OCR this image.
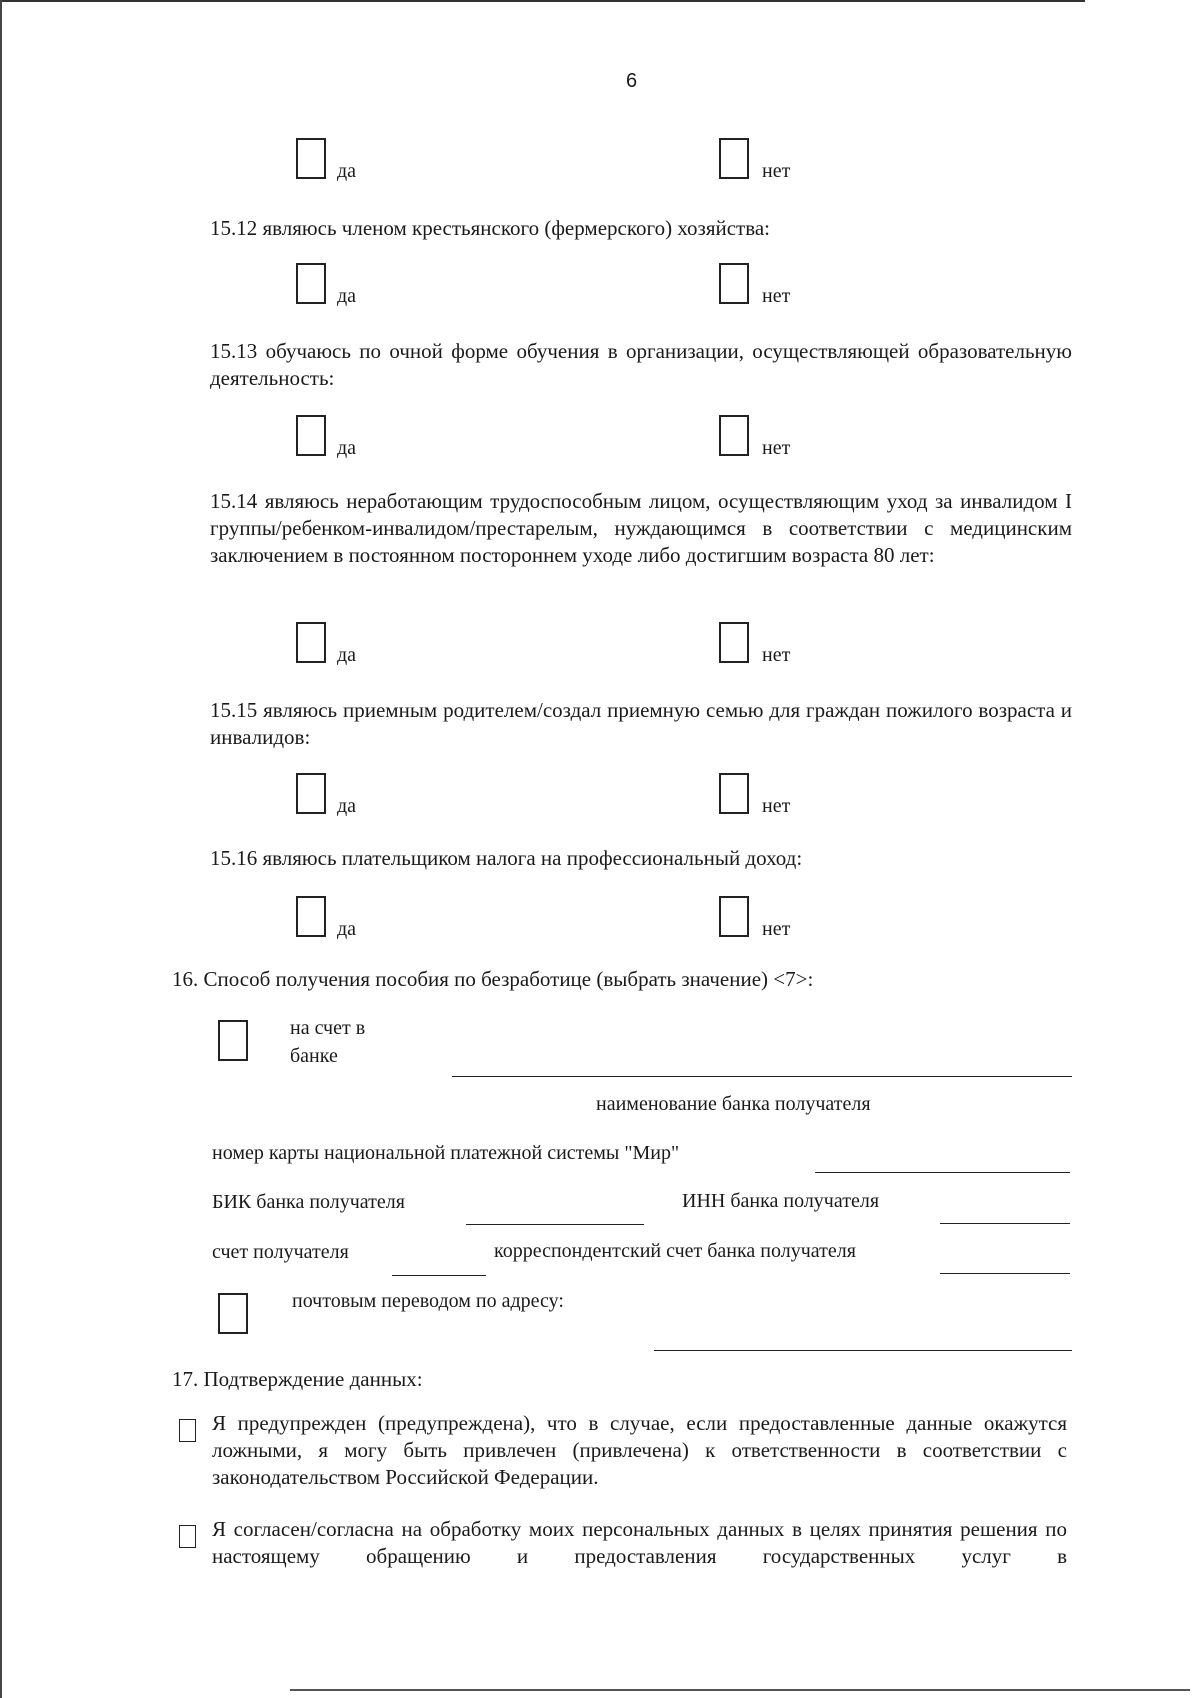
6
да	нет
15.12 являюсь членом крестьянского (фермерского) хозяйства:
да	нет
15.13 обучаюсь по очной форме обучения в организации, осуществляющей образовательную деятельность:
да	нет
15.14 являюсь неработающим трудоспособным лицом, осуществляющим уход за инвалидом I группы/ребенком-инвалидом/престарелым, нуждающимся в соответствии с медицинским заключением в постоянном постороннем уходе либо достигшим возраста 80 лет:
да	нет
15.15 являюсь приемным родителем/создал приемную семью для граждан пожилого возраста и инвалидов:
да	нет
15.16 являюсь плательщиком налога на профессиональный доход:
да	нет
16. Способ получения пособия по безработице (выбрать значение) <7>:
на счет в
банке
наименование банка получателя
номер карты национальной платежной системы "Мир"
БИК банка получателя	ИНН банка получателя
счет получателя	корреспондентский счет банка получателя
почтовым переводом по адресу:
17. Подтверждение данных:
Я предупрежден (предупреждена), что в случае, если предоставленные данные окажутся ложными, я могу быть привлечен (привлечена) к ответственности в соответствии с законодательством Российской Федерации.
Я согласен/согласна на обработку моих персональных данных в целях принятия решения по настоящему обращению и предоставления государственных услуг в
